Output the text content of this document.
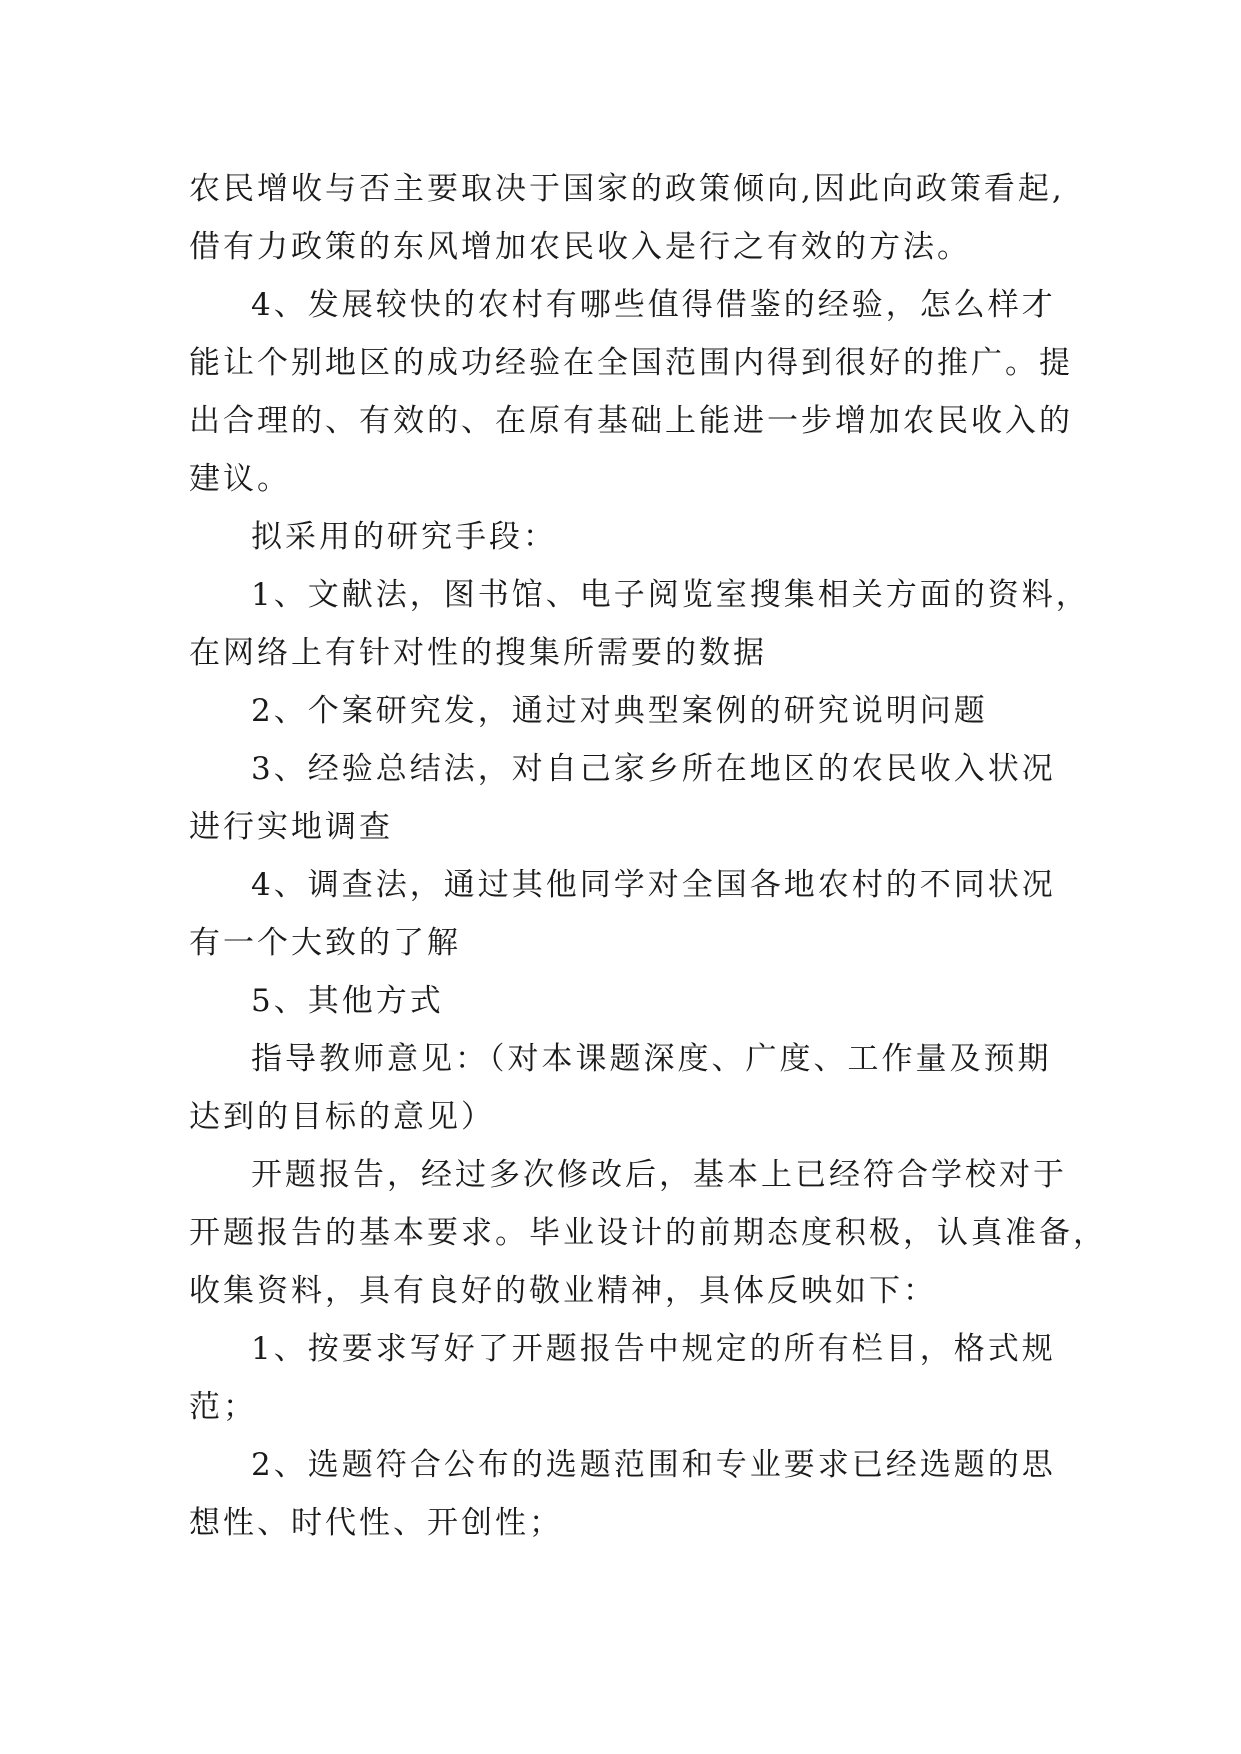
农民增收与否主要取决于国家的政策倾向,因此向政策看起,
借有力政策的东风增加农民收入是行之有效的方法。
4、发展较快的农村有哪些值得借鉴的经验，怎么样才
能让个别地区的成功经验在全国范围内得到很好的推广。提
出合理的、有效的、在原有基础上能进一步增加农民收入的
建议。
拟采用的研究手段：
1、文献法，图书馆、电子阅览室搜集相关方面的资料，
在网络上有针对性的搜集所需要的数据
2、个案研究发，通过对典型案例的研究说明问题
3、经验总结法，对自己家乡所在地区的农民收入状况
进行实地调查
4、调查法，通过其他同学对全国各地农村的不同状况
有一个大致的了解
5、其他方式
指导教师意见：（对本课题深度、广度、工作量及预期
达到的目标的意见）
开题报告，经过多次修改后，基本上已经符合学校对于
开题报告的基本要求。毕业设计的前期态度积极，认真准备，
收集资料，具有良好的敬业精神，具体反映如下：
1、按要求写好了开题报告中规定的所有栏目，格式规
范；
2、选题符合公布的选题范围和专业要求已经选题的思
想性、时代性、开创性；
